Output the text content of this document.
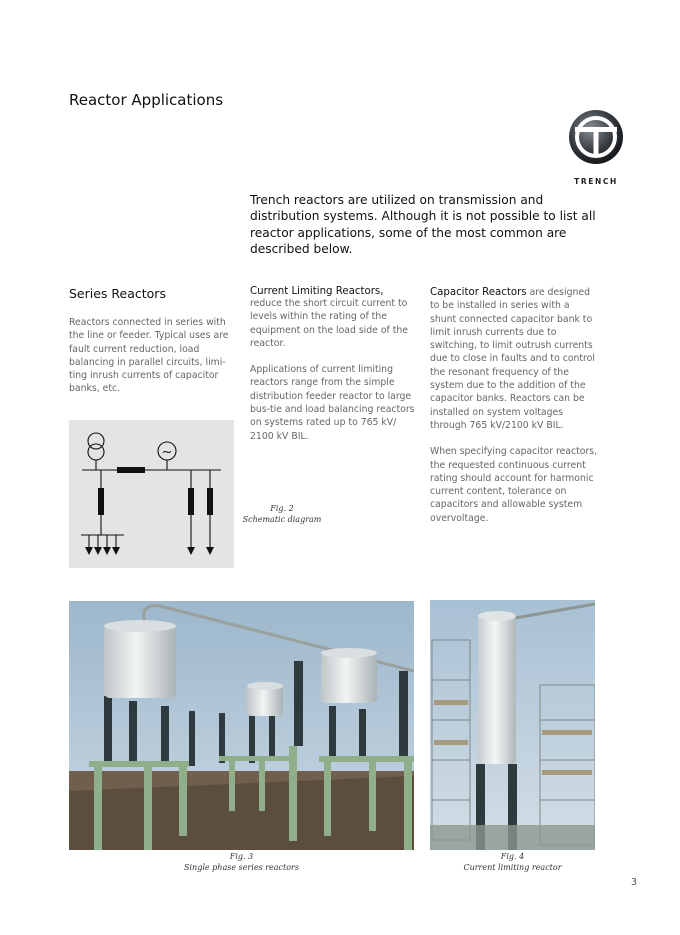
Reactor Applications
TRENCH
Trench reactors are utilized on transmission and distribution systems. Although it is not possible to list all reactor applications, some of the most common are described below.
Series Reactors

Reactors connected in series with the line or feeder. Typical uses are fault current reduction, load balancing in parallel circuits, limi-ting inrush currents of capacitor banks, etc.

Current Limiting Reactors,

reduce the short circuit current to levels within the rating of the equipment on the load side of the reactor.

Applications of current limiting reactors range from the simple distribution feeder reactor to large bus-tie and load balancing reactors on systems rated up to 765 kV/ 2100 kV BIL.

Capacitor Reactors are designed to be installed in series with a shunt connected capacitor bank to limit inrush currents due to switching, to limit outrush currents due to close in faults and to control the resonant frequency of the system due to the addition of the capacitor banks. Reactors can be installed on system voltages through 765 kV/2100 kV BIL.

When specifying capacitor reactors, the requested continuous current rating should account for harmonic current content, tolerance on capacitors and allowable system overvoltage.

~
Fig. 2
Schematic diagram
Fig. 3
Single phase series reactors
Fig. 4
Current limiting reactor
3
